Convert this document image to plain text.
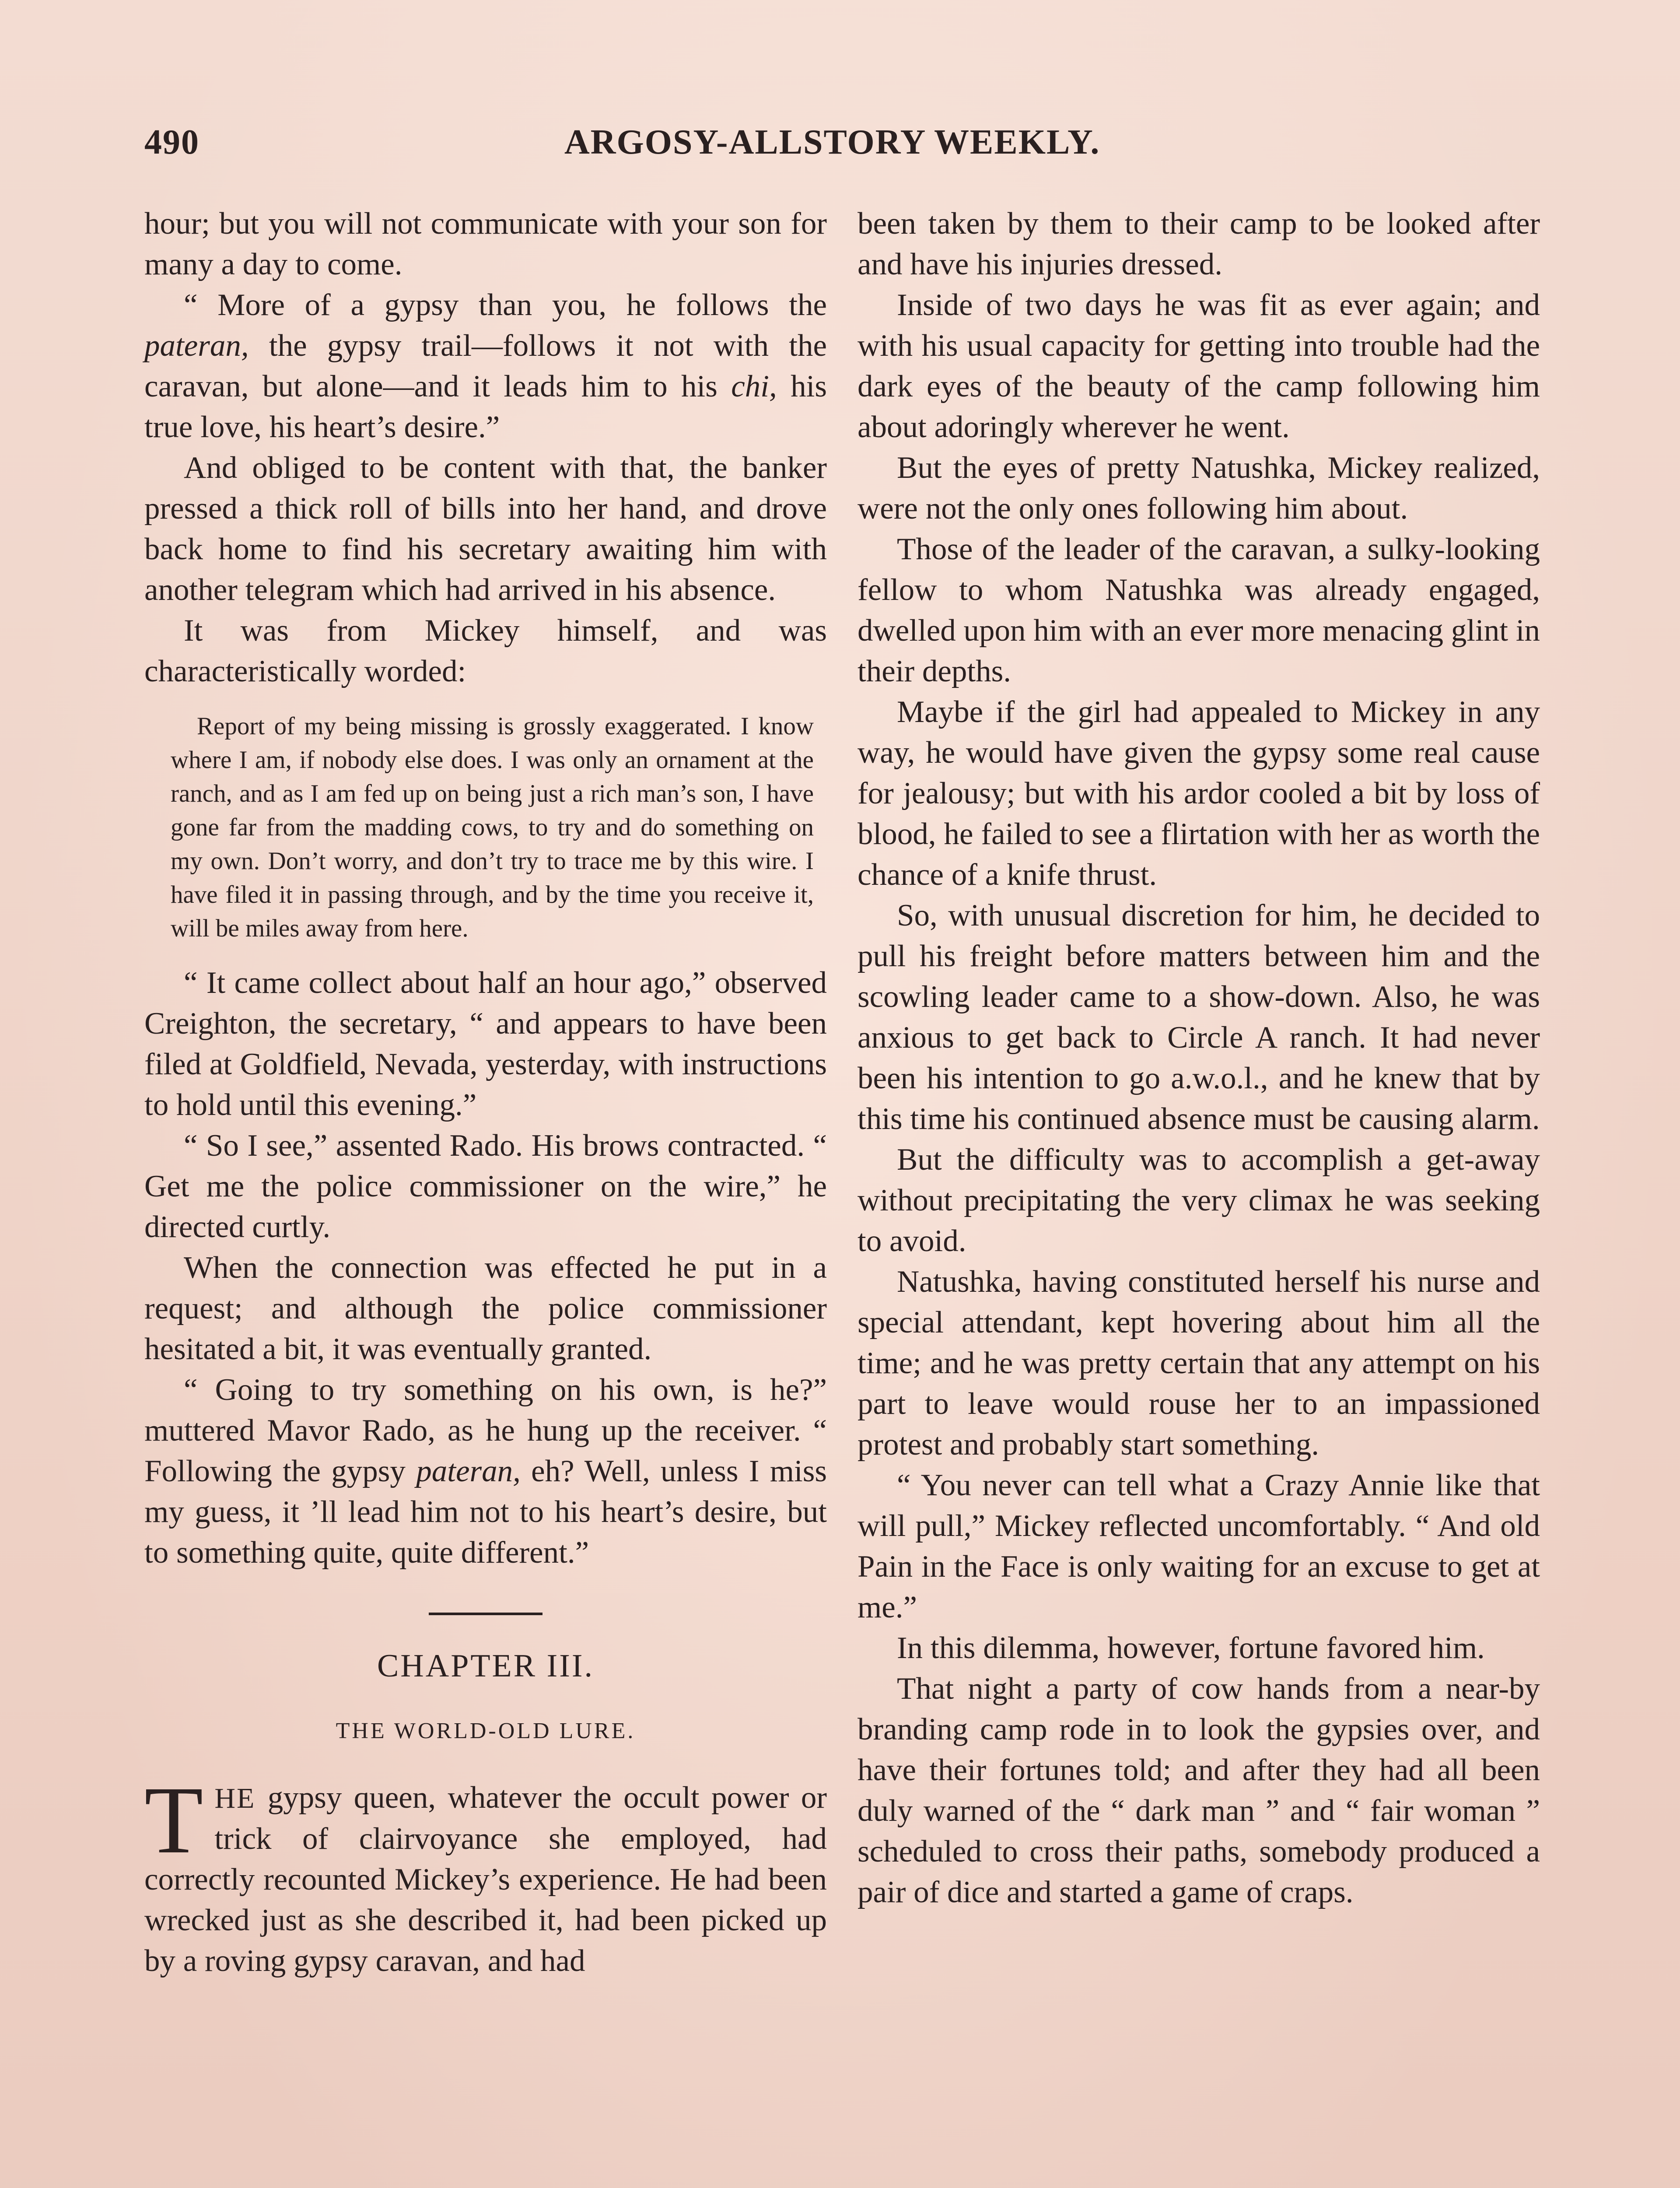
490	ARGOSY-ALLSTORY WEEKLY.

hour; but you will not communicate with your son for many a day to come.

“ More of a gypsy than you, he follows the pateran, the gypsy trail—follows it not with the caravan, but alone—and it leads him to his chi, his true love, his heart’s desire.”

And obliged to be content with that, the banker pressed a thick roll of bills into her hand, and drove back home to find his secretary awaiting him with another telegram which had arrived in his absence.

It was from Mickey himself, and was characteristically worded:

Report of my being missing is grossly exaggerated. I know where I am, if nobody else does. I was only an ornament at the ranch, and as I am fed up on being just a rich man’s son, I have gone far from the madding cows, to try and do something on my own. Don’t worry, and don’t try to trace me by this wire. I have filed it in passing through, and by the time you receive it, will be miles away from here.

“ It came collect about half an hour ago,” observed Creighton, the secretary, “ and appears to have been filed at Goldfield, Nevada, yesterday, with instructions to hold until this evening.”

“ So I see,” assented Rado. His brows contracted. “ Get me the police commissioner on the wire,” he directed curtly.

When the connection was effected he put in a request; and although the police commissioner hesitated a bit, it was eventually granted.

“ Going to try something on his own, is he?” muttered Mavor Rado, as he hung up the receiver. “ Following the gypsy pateran, eh? Well, unless I miss my guess, it ’ll lead him not to his heart’s desire, but to something quite, quite different.”

CHAPTER III.
THE WORLD-OLD LURE.

THE gypsy queen, whatever the occult power or trick of clairvoyance she employed, had correctly recounted Mickey’s experience. He had been wrecked just as she described it, had been picked up by a roving gypsy caravan, and had

been taken by them to their camp to be looked after and have his injuries dressed.

Inside of two days he was fit as ever again; and with his usual capacity for getting into trouble had the dark eyes of the beauty of the camp following him about adoringly wherever he went.

But the eyes of pretty Natushka, Mickey realized, were not the only ones following him about.

Those of the leader of the caravan, a sulky-looking fellow to whom Natushka was already engaged, dwelled upon him with an ever more menacing glint in their depths.

Maybe if the girl had appealed to Mickey in any way, he would have given the gypsy some real cause for jealousy; but with his ardor cooled a bit by loss of blood, he failed to see a flirtation with her as worth the chance of a knife thrust.

So, with unusual discretion for him, he decided to pull his freight before matters between him and the scowling leader came to a show-down. Also, he was anxious to get back to Circle A ranch. It had never been his intention to go a.w.o.l., and he knew that by this time his continued absence must be causing alarm.

But the difficulty was to accomplish a get-away without precipitating the very climax he was seeking to avoid.

Natushka, having constituted herself his nurse and special attendant, kept hovering about him all the time; and he was pretty certain that any attempt on his part to leave would rouse her to an impassioned protest and probably start something.

“ You never can tell what a Crazy Annie like that will pull,” Mickey reflected uncomfortably. “ And old Pain in the Face is only waiting for an excuse to get at me.”

In this dilemma, however, fortune favored him.

That night a party of cow hands from a near-by branding camp rode in to look the gypsies over, and have their fortunes told; and after they had all been duly warned of the “ dark man ” and “ fair woman ” scheduled to cross their paths, somebody produced a pair of dice and started a game of craps.
